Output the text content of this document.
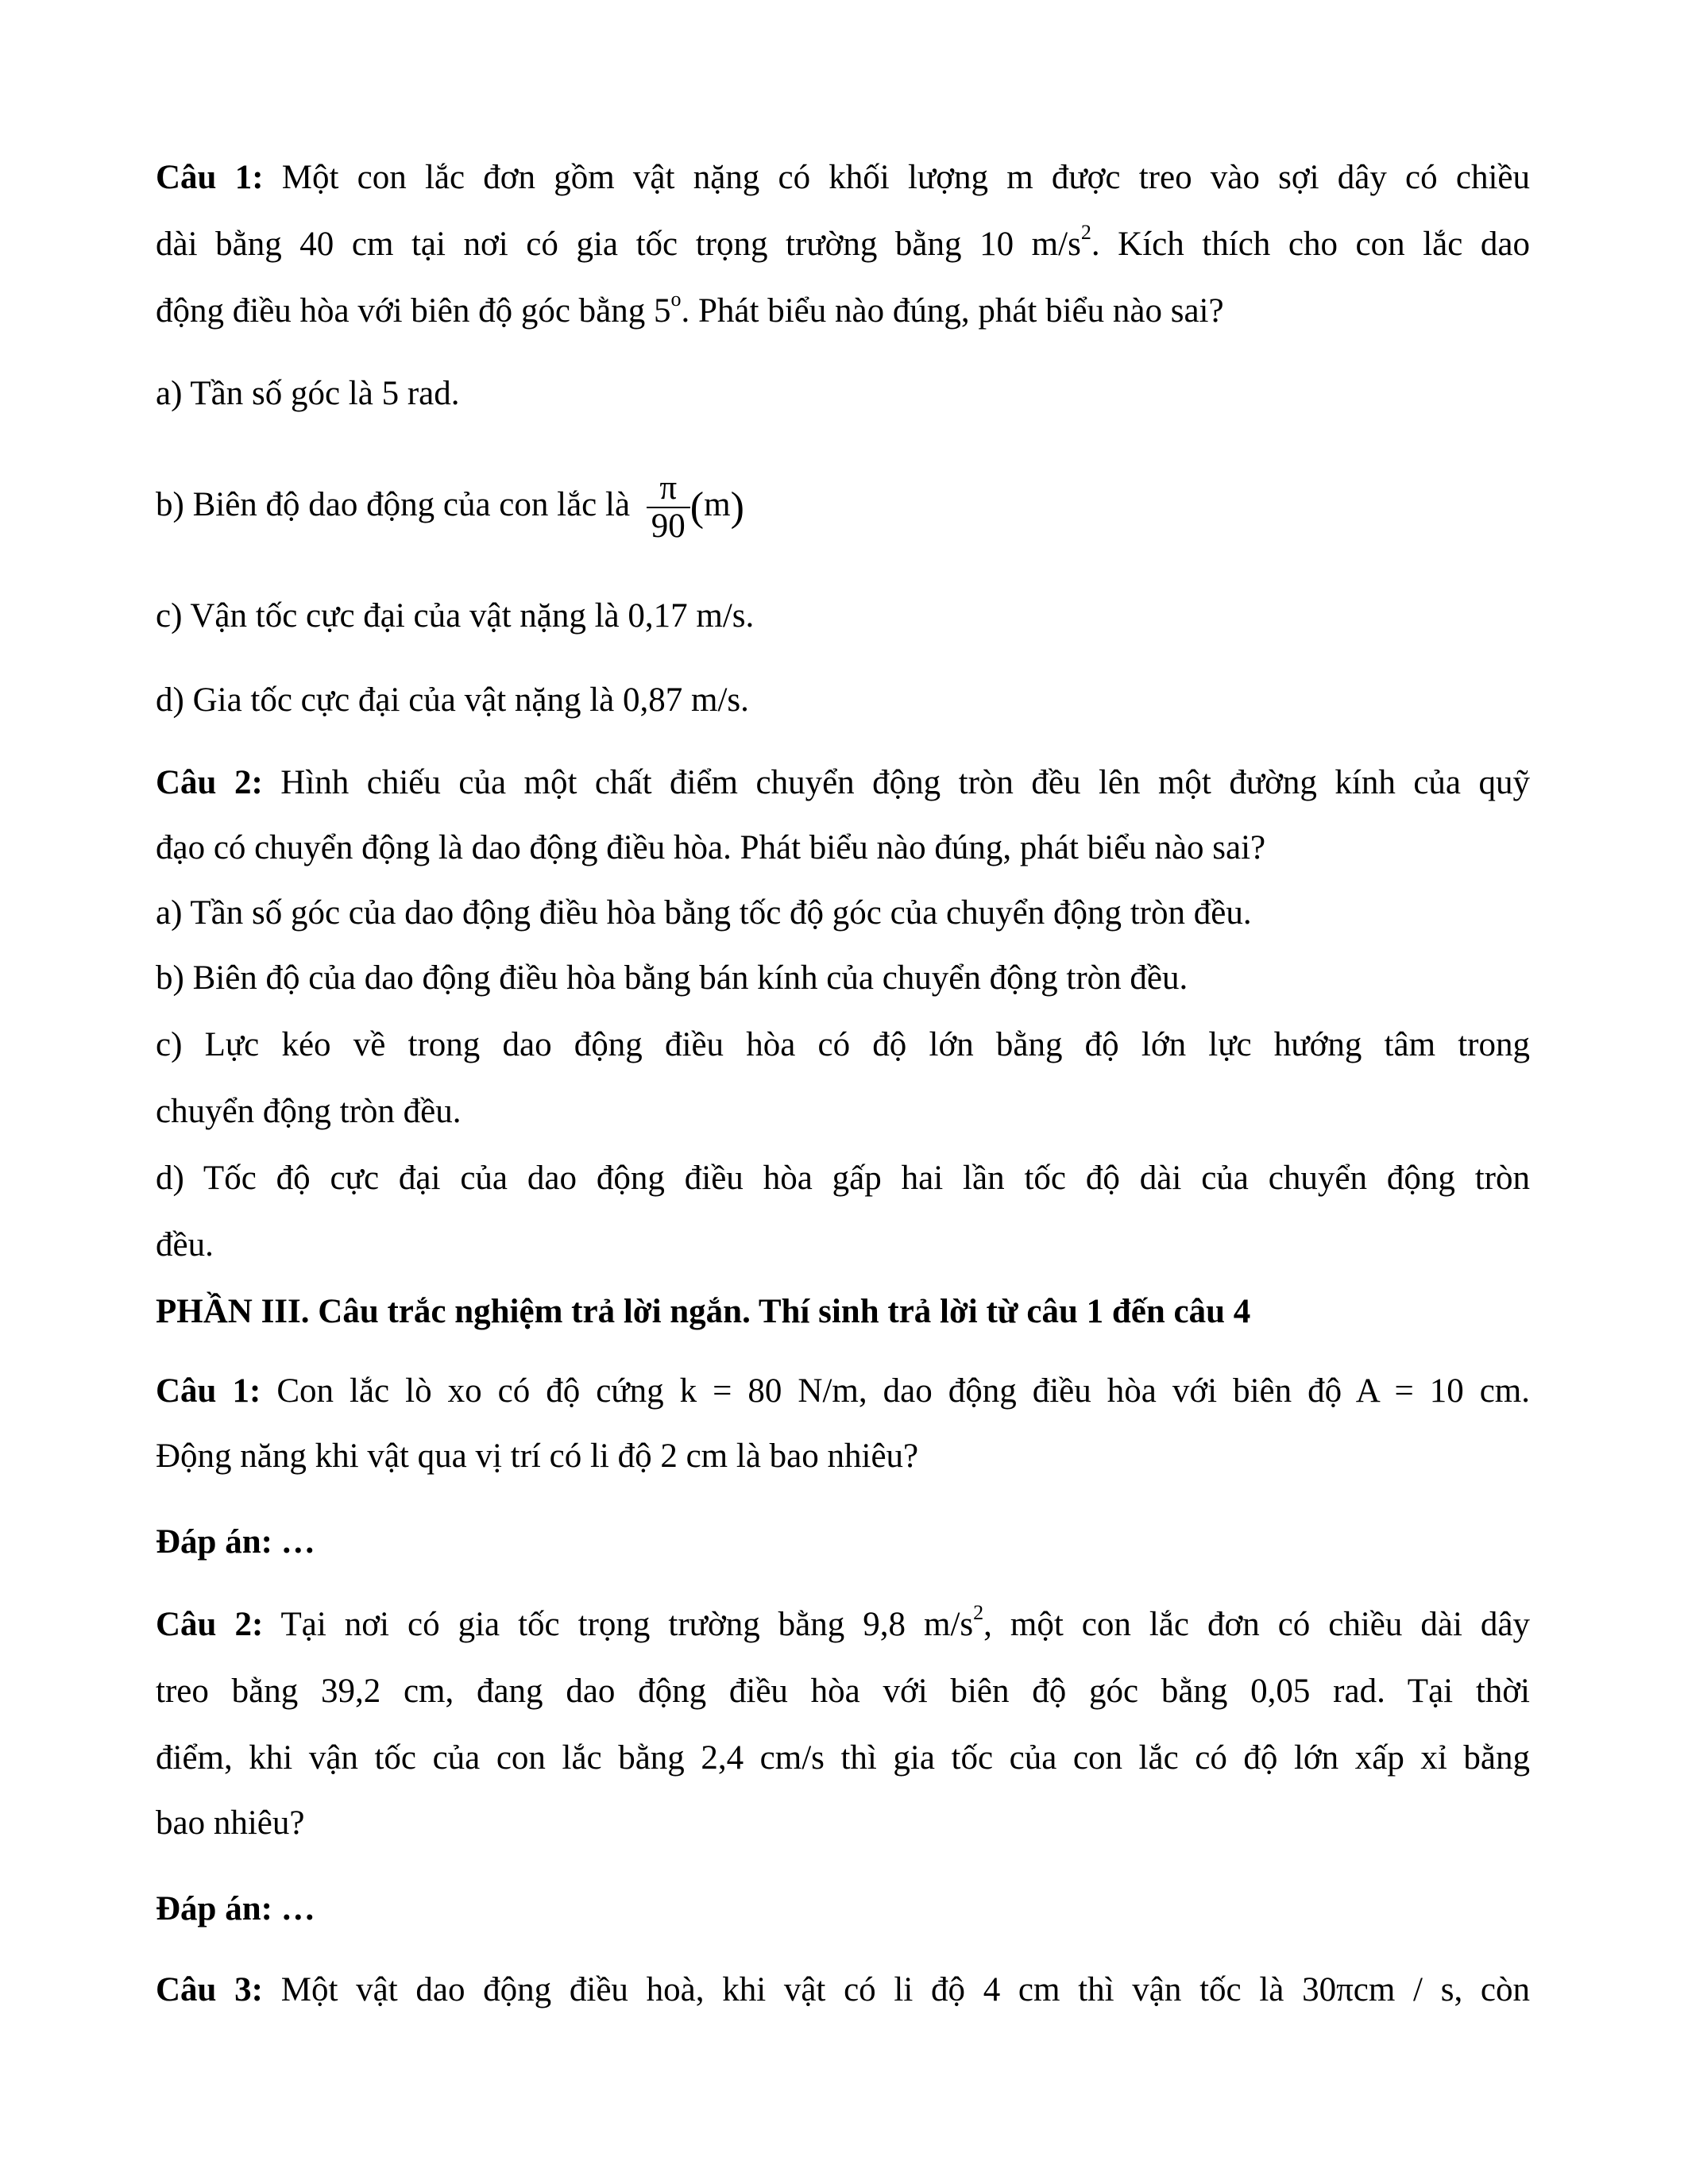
Câu 1: Một con lắc đơn gồm vật nặng có khối lượng m được treo vào sợi dây có chiều
dài bằng 40 cm tại nơi có gia tốc trọng trường bằng 10 $m/s^2$. Kích thích cho con lắc dao
động điều hòa với biên độ góc bằng 5$^o$. Phát biểu nào đúng, phát biểu nào sai?
a) Tần số góc là 5 rad.
b) Biên độ dao động của con lắc là $\frac{\pi}{90} (m)$
c) Vận tốc cực đại của vật nặng là 0,17 m/s.
d) Gia tốc cực đại của vật nặng là 0,87 m/s.
Câu 2: Hình chiếu của một chất điểm chuyển động tròn đều lên một đường kính của quỹ
đạo có chuyển động là dao động điều hòa. Phát biểu nào đúng, phát biểu nào sai?
a) Tần số góc của dao động điều hòa bằng tốc độ góc của chuyển động tròn đều.
b) Biên độ của dao động điều hòa bằng bán kính của chuyển động tròn đều.
c) Lực kéo về trong dao động điều hòa có độ lớn bằng độ lớn lực hướng tâm trong
chuyển động tròn đều.
d) Tốc độ cực đại của dao động điều hòa gấp hai lần tốc độ dài của chuyển động tròn
đều.
PHẦN III. Câu trắc nghiệm trả lời ngắn. Thí sinh trả lời từ câu 1 đến câu 4
Câu 1: Con lắc lò xo có độ cứng k = 80 N/m, dao động điều hòa với biên độ A = 10 cm.
Động năng khi vật qua vị trí có li độ 2 cm là bao nhiêu?
Đáp án: …
Câu 2: Tại nơi có gia tốc trọng trường bằng 9,8 $m/s^2$, một con lắc đơn có chiều dài dây
treo bằng 39,2 cm, đang dao động điều hòa với biên độ góc bằng 0,05 rad. Tại thời
điểm, khi vận tốc của con lắc bằng 2,4 cm/s thì gia tốc của con lắc có độ lớn xấp xỉ bằng
bao nhiêu?
Đáp án: …
Câu 3: Một vật dao động điều hoà, khi vật có li độ 4 cm thì vận tốc là 30πcm / s, còn
